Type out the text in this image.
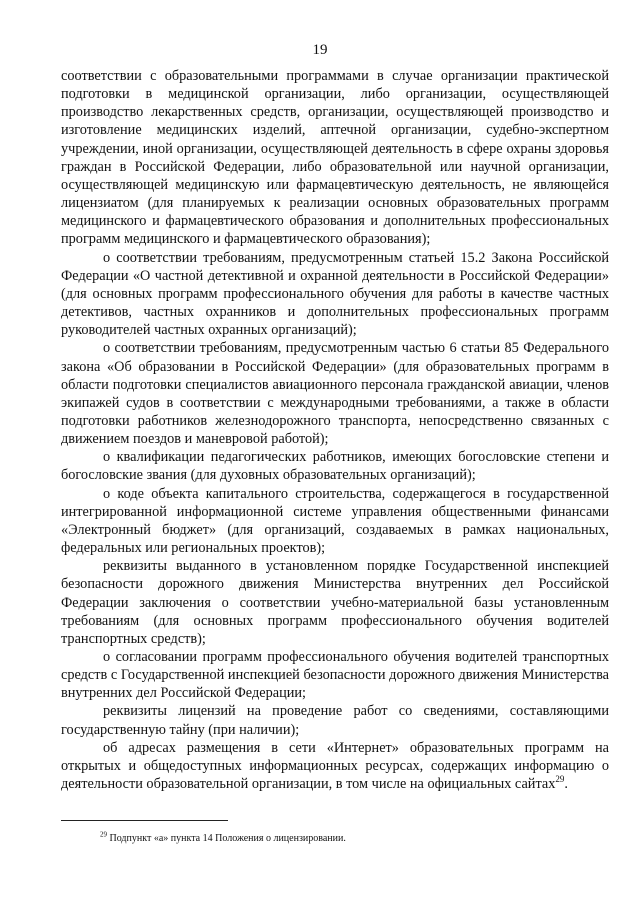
19

соответствии с образовательными программами в случае организации практической подготовки в медицинской организации, либо организации, осуществляющей производство лекарственных средств, организации, осуществляющей производство и изготовление медицинских изделий, аптечной организации, судебно-экспертном учреждении, иной организации, осуществляющей деятельность в сфере охраны здоровья граждан в Российской Федерации, либо образовательной или научной организации, осуществляющей медицинскую или фармацевтическую деятельность, не являющейся лицензиатом (для планируемых к реализации основных образовательных программ медицинского и фармацевтического образования и дополнительных профессиональных программ медицинского и фармацевтического образования);

о соответствии требованиям, предусмотренным статьей 15.2 Закона Российской Федерации «О частной детективной и охранной деятельности в Российской Федерации» (для основных программ профессионального обучения для работы в качестве частных детективов, частных охранников и дополнительных профессиональных программ руководителей частных охранных организаций);

о соответствии требованиям, предусмотренным частью 6 статьи 85 Федерального закона «Об образовании в Российской Федерации» (для образовательных программ в области подготовки специалистов авиационного персонала гражданской авиации, членов экипажей судов в соответствии с международными требованиями, а также в области подготовки работников железнодорожного транспорта, непосредственно связанных с движением поездов и маневровой работой);

о квалификации педагогических работников, имеющих богословские степени и богословские звания (для духовных образовательных организаций);

о коде объекта капитального строительства, содержащегося в государственной интегрированной информационной системе управления общественными финансами «Электронный бюджет» (для организаций, создаваемых в рамках национальных, федеральных или региональных проектов);

реквизиты выданного в установленном порядке Государственной инспекцией безопасности дорожного движения Министерства внутренних дел Российской Федерации заключения о соответствии учебно-материальной базы установленным требованиям (для основных программ профессионального обучения водителей транспортных средств);

о согласовании программ профессионального обучения водителей транспортных средств с Государственной инспекцией безопасности дорожного движения Министерства внутренних дел Российской Федерации;

реквизиты лицензий на проведение работ со сведениями, составляющими государственную тайну (при наличии);

об адресах размещения в сети «Интернет» образовательных программ на открытых и общедоступных информационных ресурсах, содержащих информацию о деятельности образовательной организации, в том числе на официальных сайтах$^{29}$.

$^{29}$ Подпункт «а» пункта 14 Положения о лицензировании.
